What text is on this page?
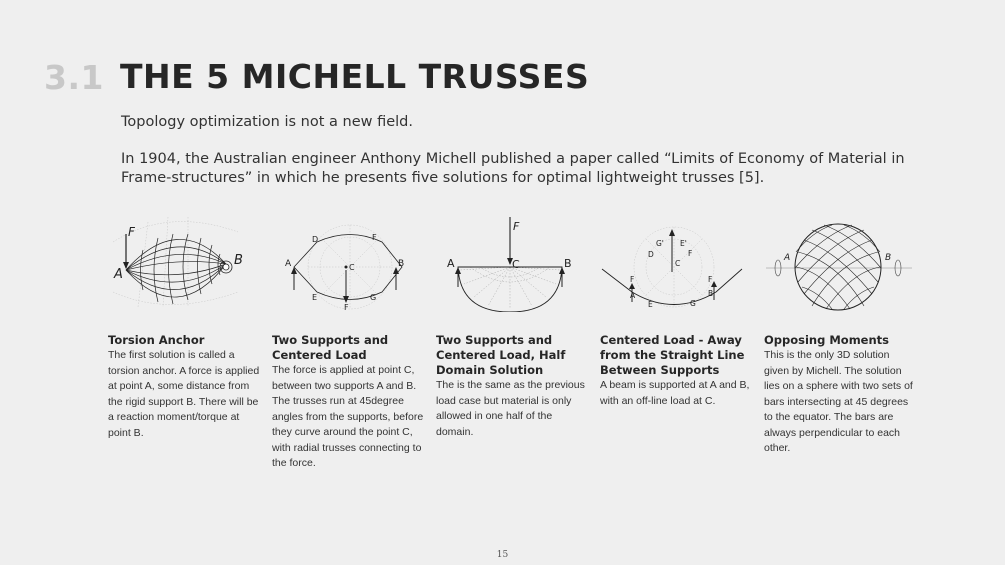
3.1 THE 5 MICHELL TRUSSES
Topology optimization is not a new field.
In 1904, the Australian engineer Anthony Michell published a paper called “Limits of Economy of Material in Frame-structures” in which he presents five solutions for optimal lightweight trusses [5].
F
A
B	A	B
C
D	F
E	G
F
F
A	B
C
A	B
C
D
G' E'
F
F	F
E	G
A	B
Torsion Anchor
The first solution is called a torsion anchor. A force is applied at point A, some distance from the rigid support B. There will be a reaction moment/torque at point B.
Two Supports and Centered Load
The force is applied at point C, between two supports A and B. The trusses run at 45degree angles from the supports, before they curve around the point C, with radial trusses connecting to the force.
Two Supports and Centered Load, Half Domain Solution
The is the same as the previous load case but material is only allowed in one half of the domain.
Centered Load - Away from the Straight Line Between Supports
A beam is supported at A and B, with an off-line load at C.
Opposing Moments
This is the only 3D solution given by Michell. The solution lies on a sphere with two sets of bars intersecting at 45 degrees to the equator. The bars are always perpendicular to each other.
15
